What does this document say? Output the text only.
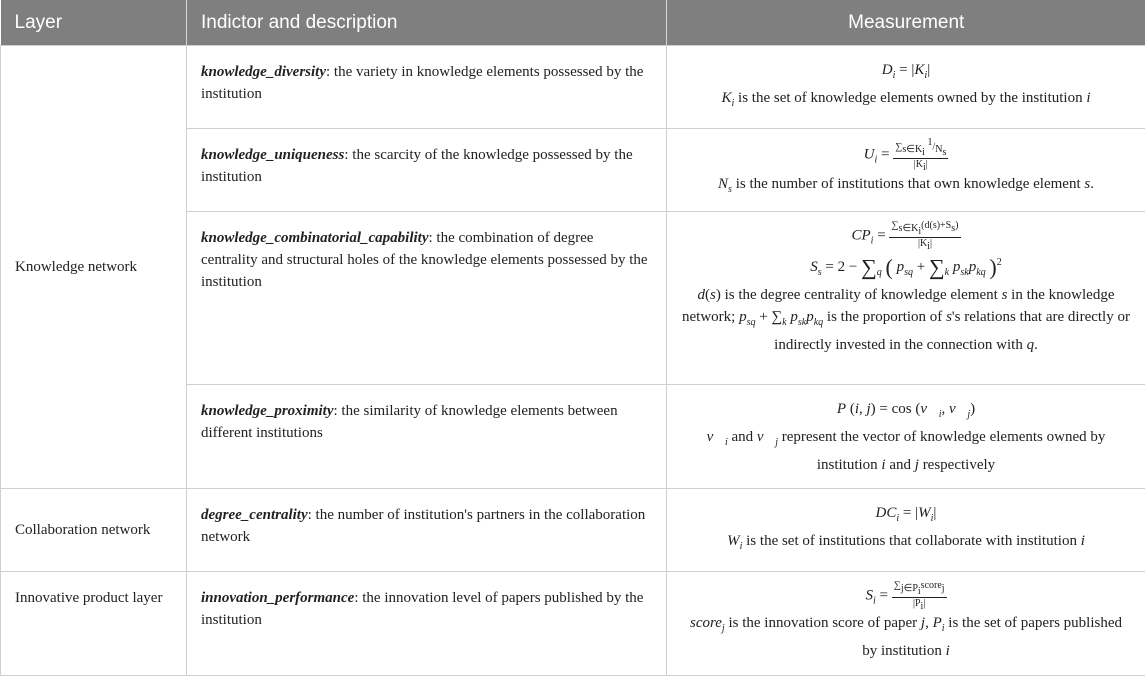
Layer	Indictor and description	Measurement
Knowledge network	knowledge_diversity: the variety in knowledge elements possessed by the institution	$D_i = |K_i|$
$K_i$ is the set of knowledge elements owned by the institution i

	knowledge_uniqueness: the scarcity of the knowledge possessed by the institution	$U_i = \frac{\sum_{s\in K_i} ^1/_{N_s}}{|K_i|}$
$N_s$ is the number of institutions that own knowledge element s.

	knowledge_combinatorial_capability: the combination of degree centrality and structural holes of the knowledge elements possessed by the institution	$CP_i = \frac{\sum_{s\in K_i}(d(s)+S_s)}{|K_i|}$
$S_s = 2 - \sum_q$ ( $p_{sq} + \sum_k$ $p_{sk}p_{kq}$ )$^2$
d(s) is the degree centrality of knowledge element s in the knowledge network; $p_{sq} + \sum_k$ $p_{sk}p_{kq}$ is the proportion of s's relations that are directly or indirectly invested in the connection with q.

	knowledge_proximity: the similarity of knowledge elements between different institutions	P (i, $j) = \cos (v⃗_i$, $v⃗_j$)
$v⃗_i$ and $v⃗_j$ represent the vector of knowledge elements owned by institution i and j respectively

Collaboration network	degree_centrality: the number of institution's partners in the collaboration network	$DC_i = |W_i|$
$W_i$ is the set of institutions that collaborate with institution i

Innovative product layer	innovation_performance: the innovation level of papers published by the institution	$S_i = \frac{\sum_{j\in P_i}score_j}{|P_i|}$
score$_j$ is the innovation score of paper j, $P_i$ is the set of papers published by institution i
